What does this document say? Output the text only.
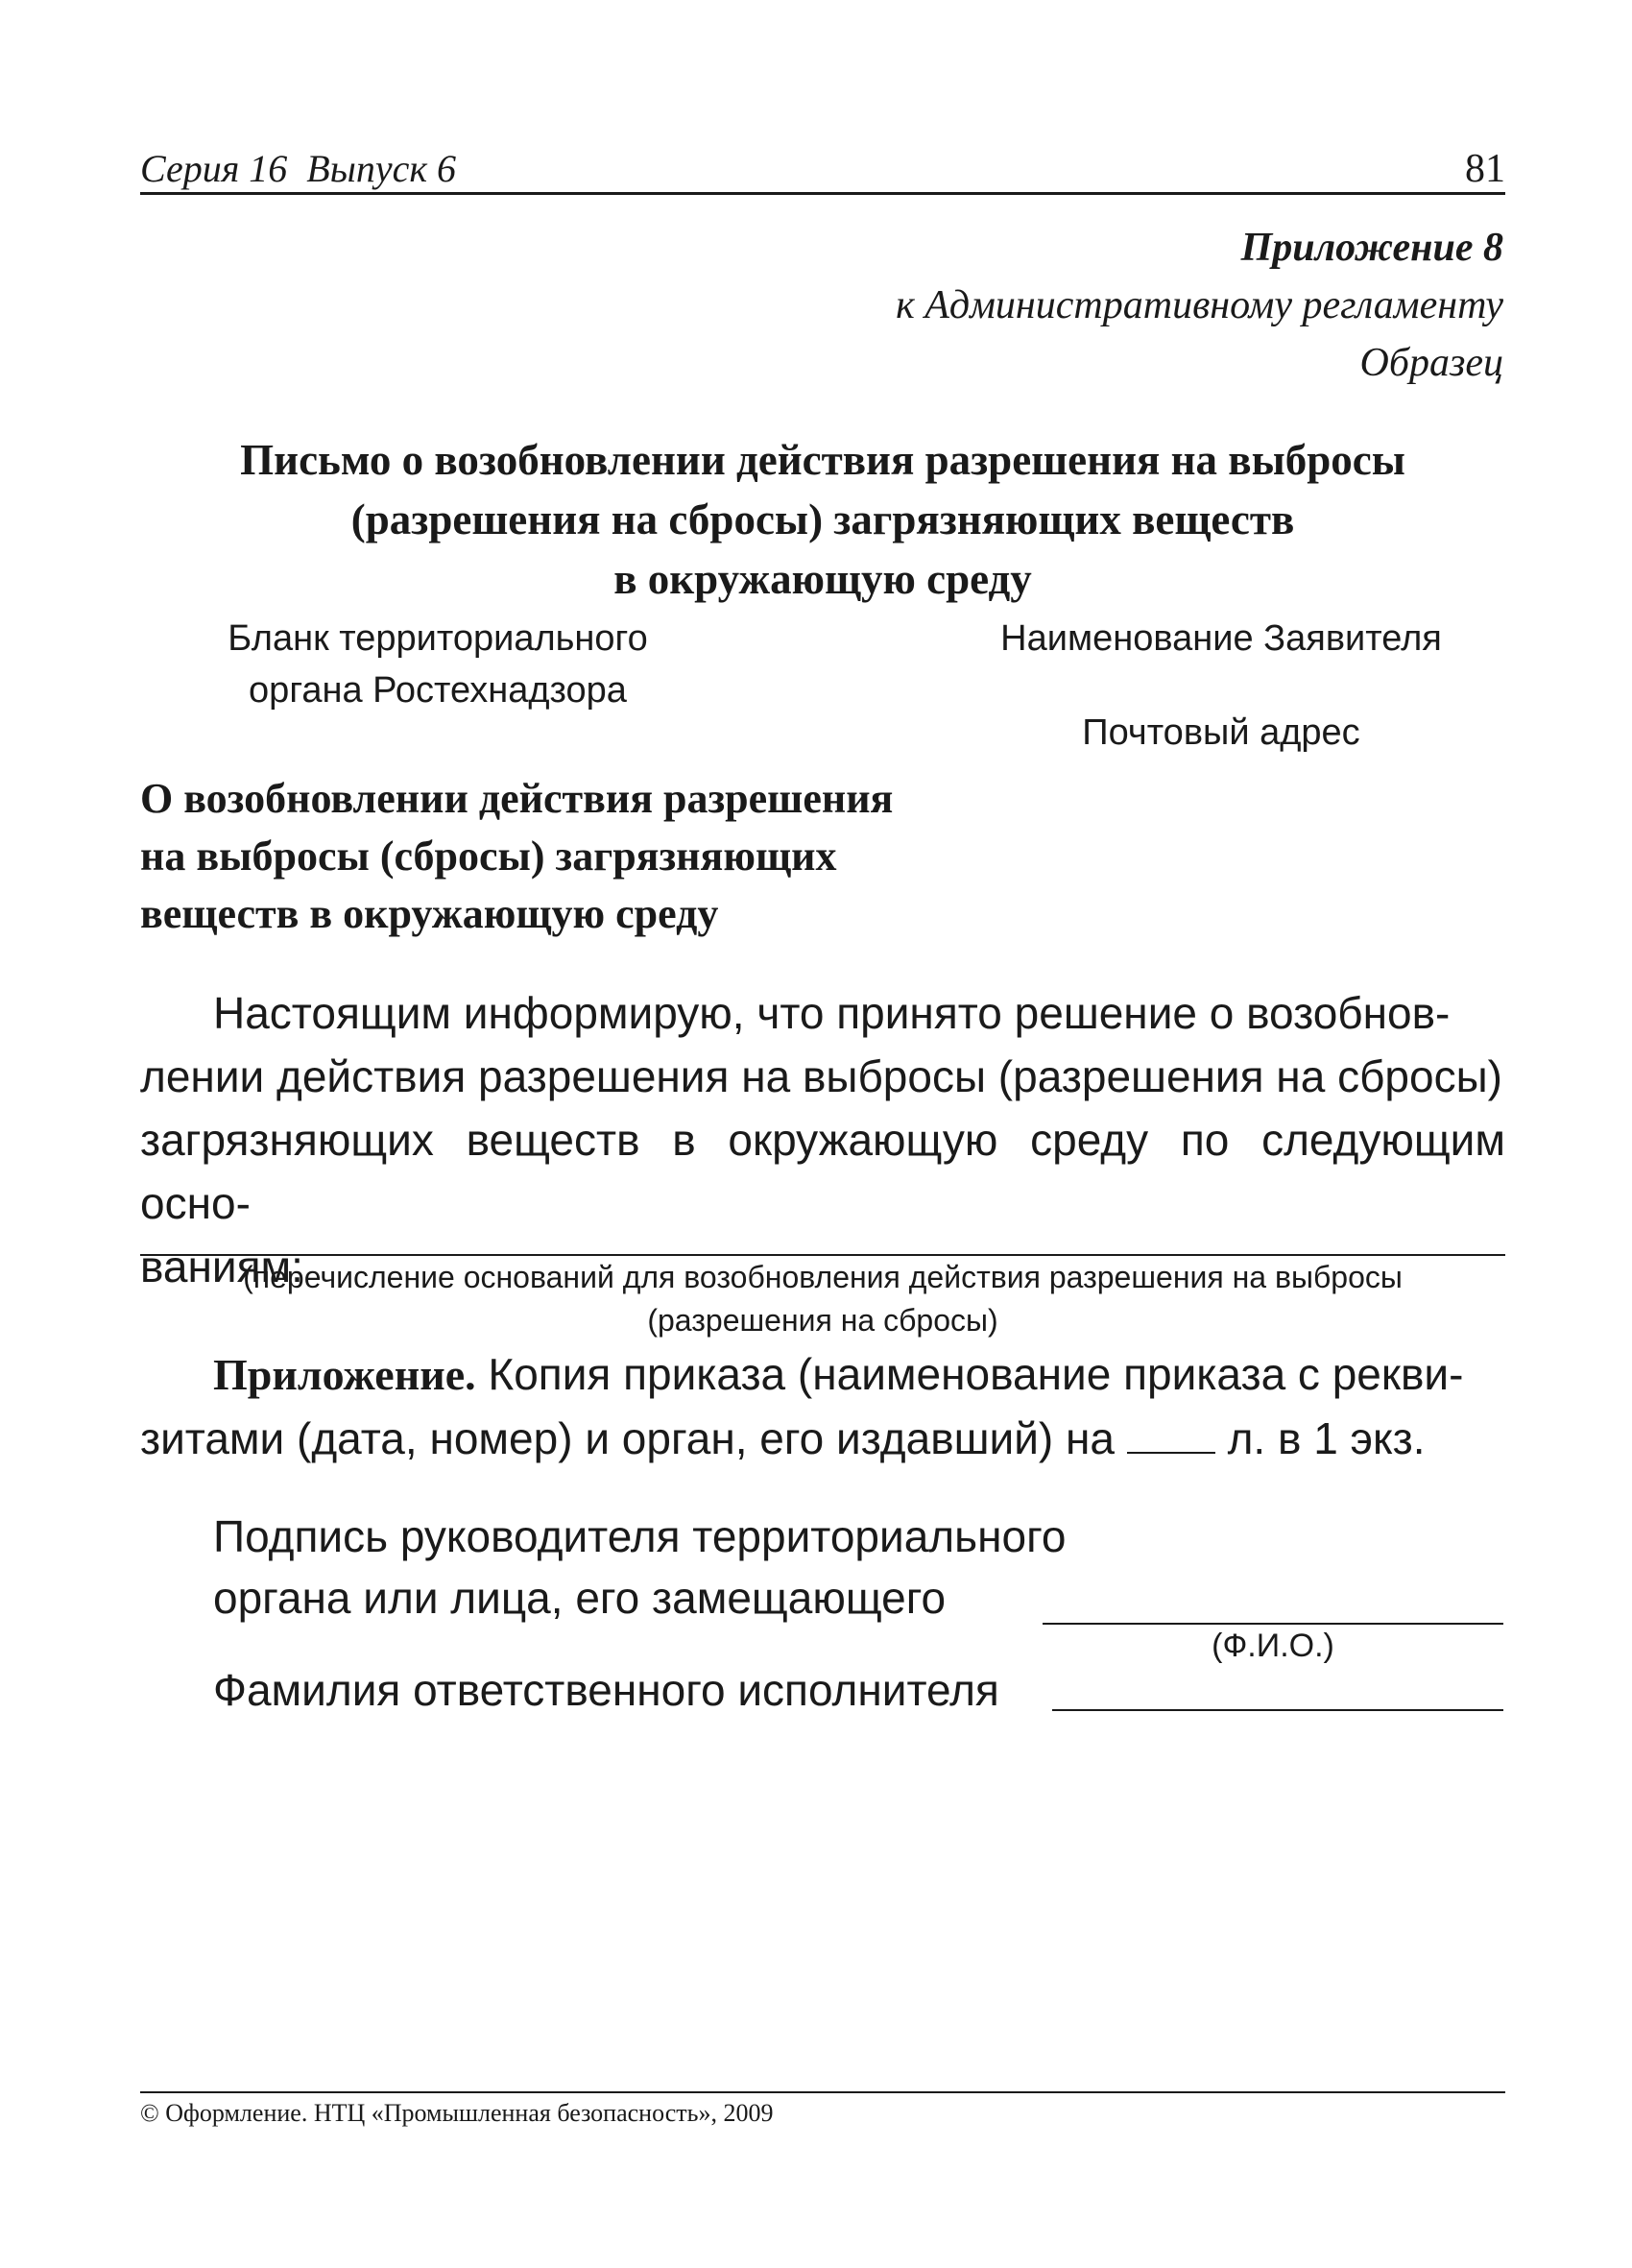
Серия 16  Выпуск 6	81
Приложение 8
к Административному регламенту
Образец
Письмо о возобновлении действия разрешения на выбросы
(разрешения на сбросы) загрязняющих веществ
в окружающую среду
Бланк территориального
органа Ростехнадзора
Наименование Заявителя
Почтовый адрес
О возобновлении действия разрешения
на выбросы (сбросы) загрязняющих
веществ в окружающую среду
Настоящим информирую, что принято решение о возобнов-
лении действия разрешения на выбросы (разрешения на сбросы)
загрязняющих веществ в окружающую среду по следующим осно-
ваниям:
(перечисление оснований для возобновления действия разрешения на выбросы
(разрешения на сбросы)
Приложение. Копия приказа (наименование приказа с рекви-
зитами (дата, номер) и орган, его издавший) на  л. в 1 экз.
Подпись руководителя территориального
органа или лица, его замещающего
(Ф.И.О.)
Фамилия ответственного исполнителя
© Оформление. НТЦ «Промышленная безопасность», 2009
